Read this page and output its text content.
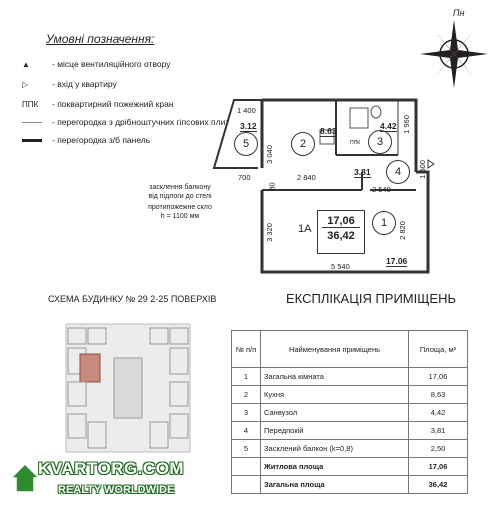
Умовні позначення:
▲	- місце вентиляційного отвору
▷	- вхід у квартиру
ППК - поквартирний пожежний кран
- перегородка з дрібноштучних гіпсових плит
- перегородка з/б панель
Пн
1 400
3 040
1 960
700	2 840
2 540
80
1 500
3 320	2 820
5 540
5	2	3
4
1
3.12	8.63	4.42
3.81
17.06
ППК
засклення балкону
від підлоги до стелі
протипожежне скло
h = 1100 мм
1А
17,06
36,42
СХЕМА БУДИНКУ № 29 2-25 ПОВЕРХІВ	ЕКСПЛІКАЦІЯ ПРИМІЩЕНЬ
№ п/п	Найменування приміщень	Площа, м²
1	Загальна кімната	17,06
2	Кухня	8,63
3	Санвузол	4,42
4	Передпокій	3,81
5	Засклений балкон (k=0,8)	2,50
	Житлова площа	17,06
	Загальна площа	36,42
KVARTORG.COM
REALTY WORLDWIDE
